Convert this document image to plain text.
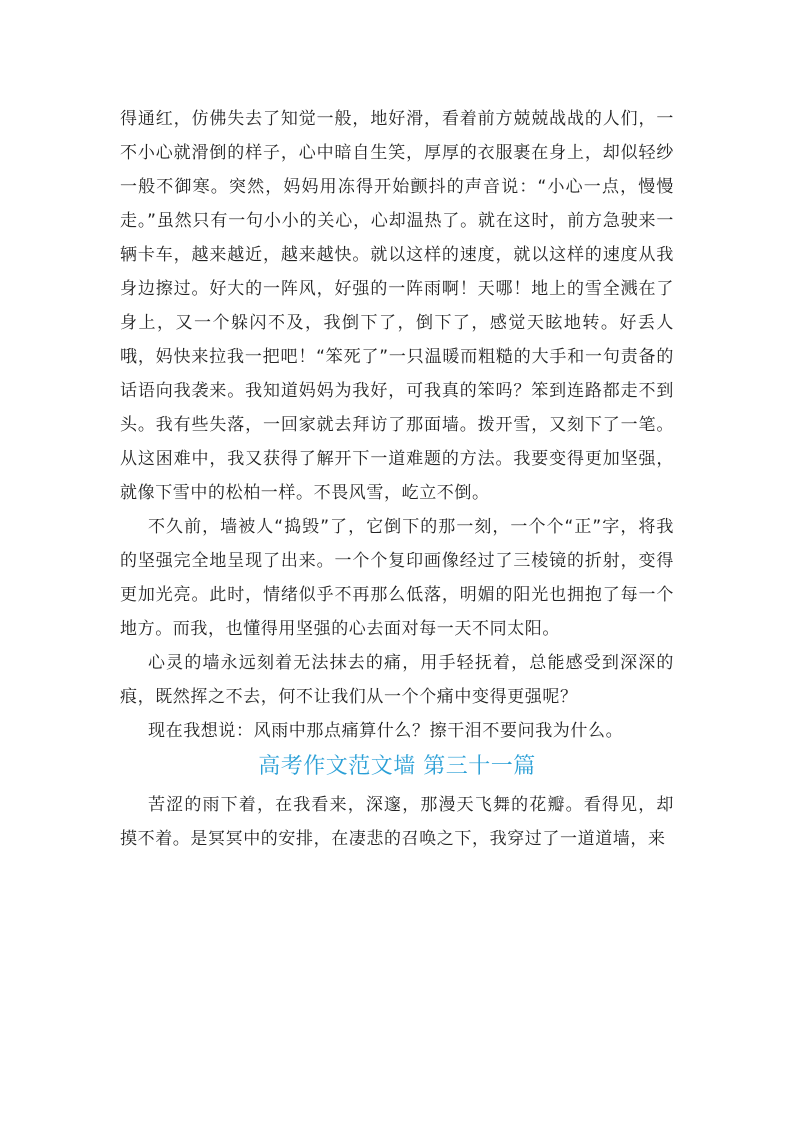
得通红，仿佛失去了知觉一般，地好滑，看着前方兢兢战战的人们，一不小心就滑倒的样子，心中暗自生笑，厚厚的衣服裹在身上，却似轻纱一般不御寒。突然，妈妈用冻得开始颤抖的声音说：“小心一点，慢慢走。”虽然只有一句小小的关心，心却温热了。就在这时，前方急驶来一辆卡车，越来越近，越来越快。就以这样的速度，就以这样的速度从我身边擦过。好大的一阵风，好强的一阵雨啊！天哪！地上的雪全溅在了身上，又一个躲闪不及，我倒下了，倒下了，感觉天眩地转。好丢人哦，妈快来拉我一把吧！“笨死了”一只温暖而粗糙的大手和一句责备的话语向我袭来。我知道妈妈为我好，可我真的笨吗？笨到连路都走不到头。我有些失落，一回家就去拜访了那面墙。拨开雪，又刻下了一笔。从这困难中，我又获得了解开下一道难题的方法。我要变得更加坚强，就像下雪中的松柏一样。不畏风雪，屹立不倒。

不久前，墙被人“捣毁”了，它倒下的那一刻，一个个“正”字，将我的坚强完全地呈现了出来。一个个复印画像经过了三棱镜的折射，变得更加光亮。此时，情绪似乎不再那么低落，明媚的阳光也拥抱了每一个地方。而我，也懂得用坚强的心去面对每一天不同太阳。

心灵的墙永远刻着无法抹去的痛，用手轻抚着，总能感受到深深的痕，既然挥之不去，何不让我们从一个个痛中变得更强呢？

现在我想说：风雨中那点痛算什么？擦干泪不要问我为什么。

高考作文范文墙 第三十一篇

苦涩的雨下着，在我看来，深邃，那漫天飞舞的花瓣。看得见，却摸不着。是冥冥中的安排，在凄悲的召唤之下，我穿过了一道道墙，来
